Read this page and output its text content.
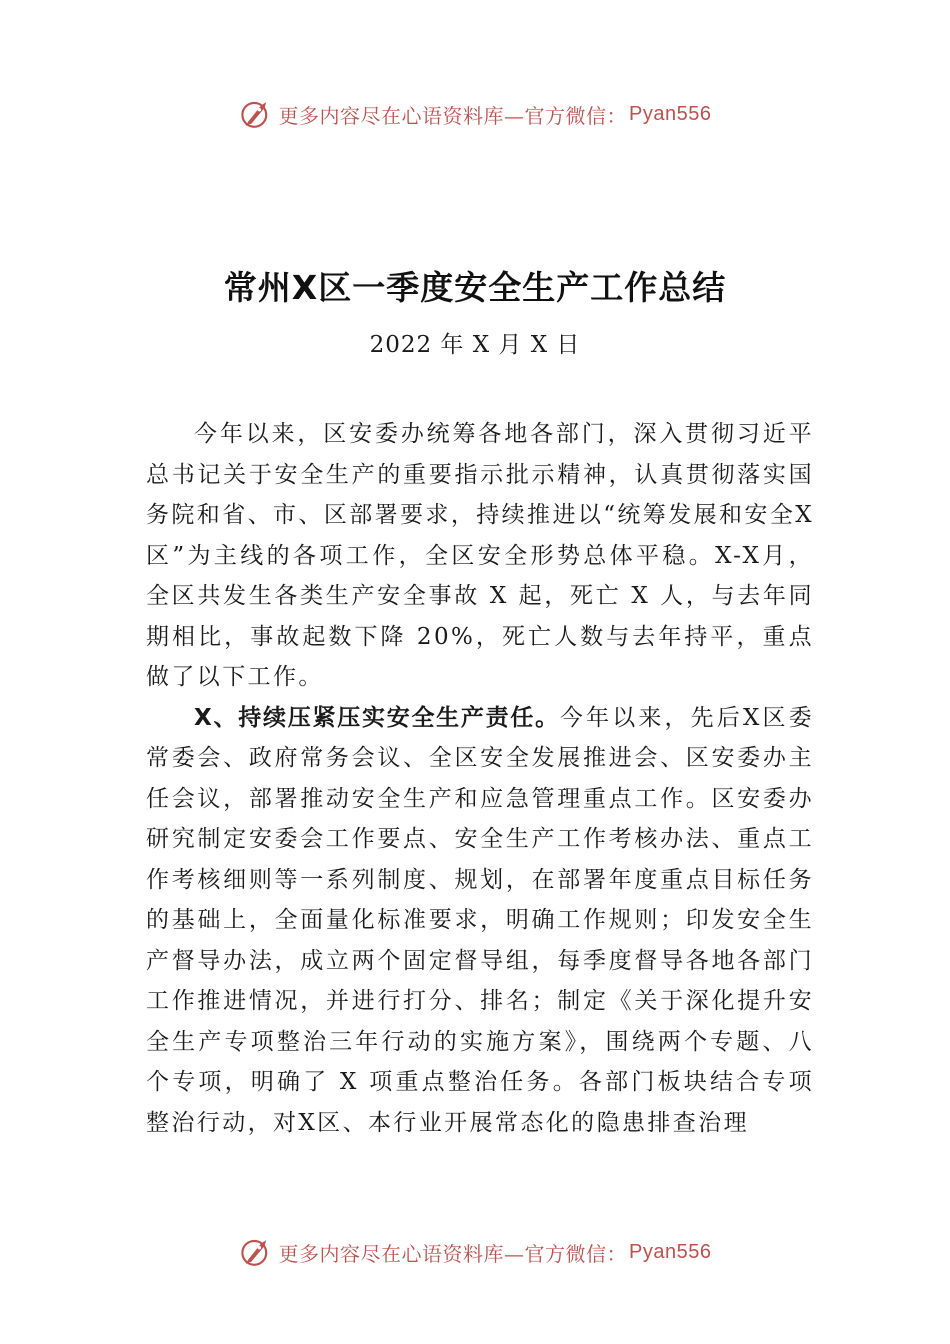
更多内容尽在心语资料库—官方微信： Pyan556
常州X区一季度安全生产工作总结

2022 年 X 月 X 日

今年以来，区安委办统筹各地各部门，深入贯彻习近平总书记关于安全生产的重要指示批示精神，认真贯彻落实国务院和省、市、区部署要求，持续推进以“统筹发展和安全X区”为主线的各项工作，全区安全形势总体平稳。X-X月，全区共发生各类生产安全事故 X 起，死亡 X 人，与去年同期相比，事故起数下降 20%，死亡人数与去年持平，重点做了以下工作。

X、持续压紧压实安全生产责任。今年以来，先后X区委常委会、政府常务会议、全区安全发展推进会、区安委办主任会议，部署推动安全生产和应急管理重点工作。区安委办研究制定安委会工作要点、安全生产工作考核办法、重点工作考核细则等一系列制度、规划，在部署年度重点目标任务的基础上，全面量化标准要求，明确工作规则；印发安全生产督导办法，成立两个固定督导组，每季度督导各地各部门工作推进情况，并进行打分、排名；制定《关于深化提升安全生产专项整治三年行动的实施方案》，围绕两个专题、八个专项，明确了 X 项重点整治任务。各部门板块结合专项整治行动，对X区、本行业开展常态化的隐患排查治理

更多内容尽在心语资料库—官方微信： Pyan556
